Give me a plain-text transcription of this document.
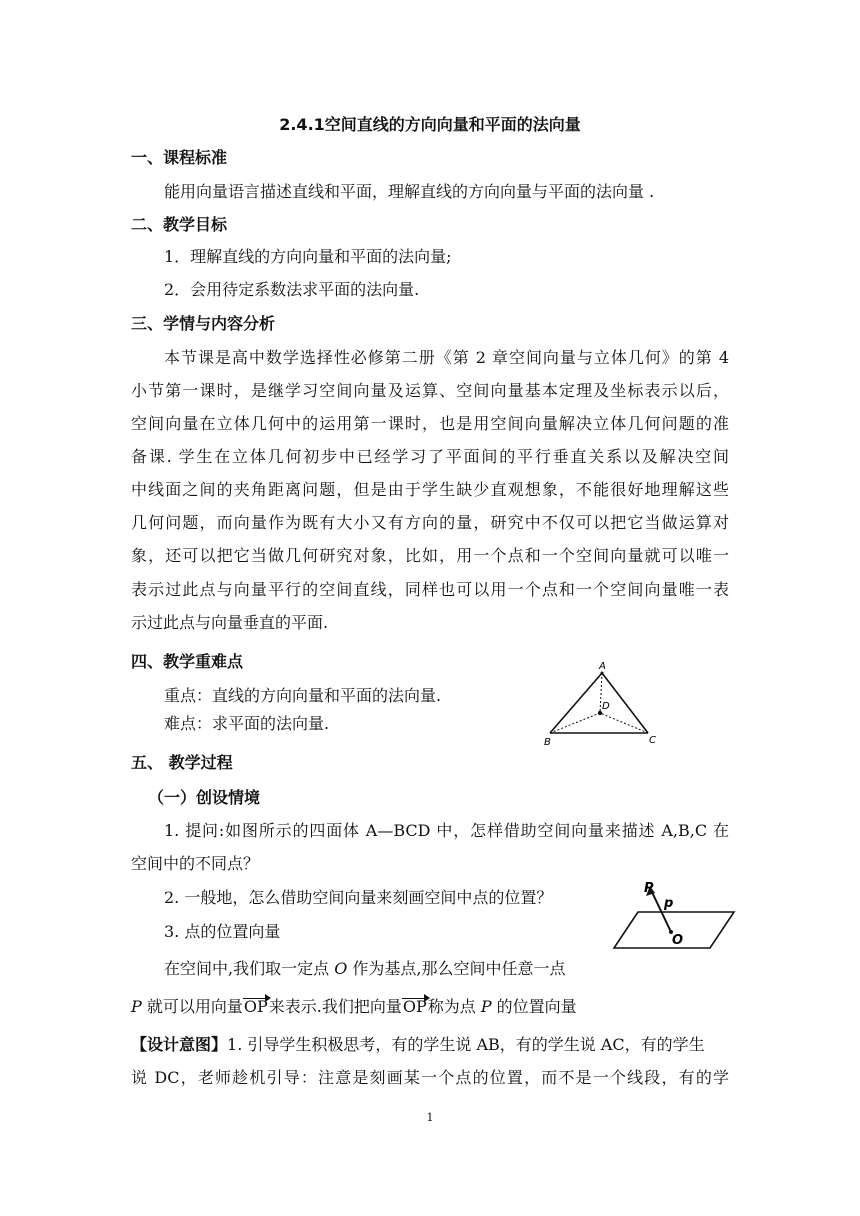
2.4.1空间直线的方向向量和平面的法向量
一、课程标准
能用向量语言描述直线和平面，理解直线的方向向量与平面的法向量 .
二、教学目标
1．理解直线的方向向量和平面的法向量;
2．会用待定系数法求平面的法向量.
三、学情与内容分析
本节课是高中数学选择性必修第二册《第 2 章空间向量与立体几何》的第 4
小节第一课时，是继学习空间向量及运算、空间向量基本定理及坐标表示以后，
空间向量在立体几何中的运用第一课时，也是用空间向量解决立体几何问题的准
备课. 学生在立体几何初步中已经学习了平面间的平行垂直关系以及解决空间
中线面之间的夹角距离问题，但是由于学生缺少直观想象，不能很好地理解这些
几何问题，而向量作为既有大小又有方向的量，研究中不仅可以把它当做运算对
象，还可以把它当做几何研究对象，比如，用一个点和一个空间向量就可以唯一
表示过此点与向量平行的空间直线，同样也可以用一个点和一个空间向量唯一表
示过此点与向量垂直的平面.
四、教学重难点
重点：直线的方向向量和平面的法向量.
难点：求平面的法向量.
A
D
B	C
五、 教学过程
（一）创设情境
1. 提问:如图所示的四面体 A—BCD 中，怎样借助空间向量来描述 A,B,C 在
空间中的不同点？
2. 一般地，怎么借助空间向量来刻画空间中点的位置？
3. 点的位置向量
在空间中,我们取一定点 O 作为基点,那么空间中任意一点
P 就可以用向量OP来表示.我们把向量OP称为点 P 的位置向量
P
p
O
【设计意图】1. 引导学生积极思考，有的学生说 AB，有的学生说 AC，有的学生
说 DC，老师趁机引导：注意是刻画某一个点的位置，而不是一个线段，有的学
1
